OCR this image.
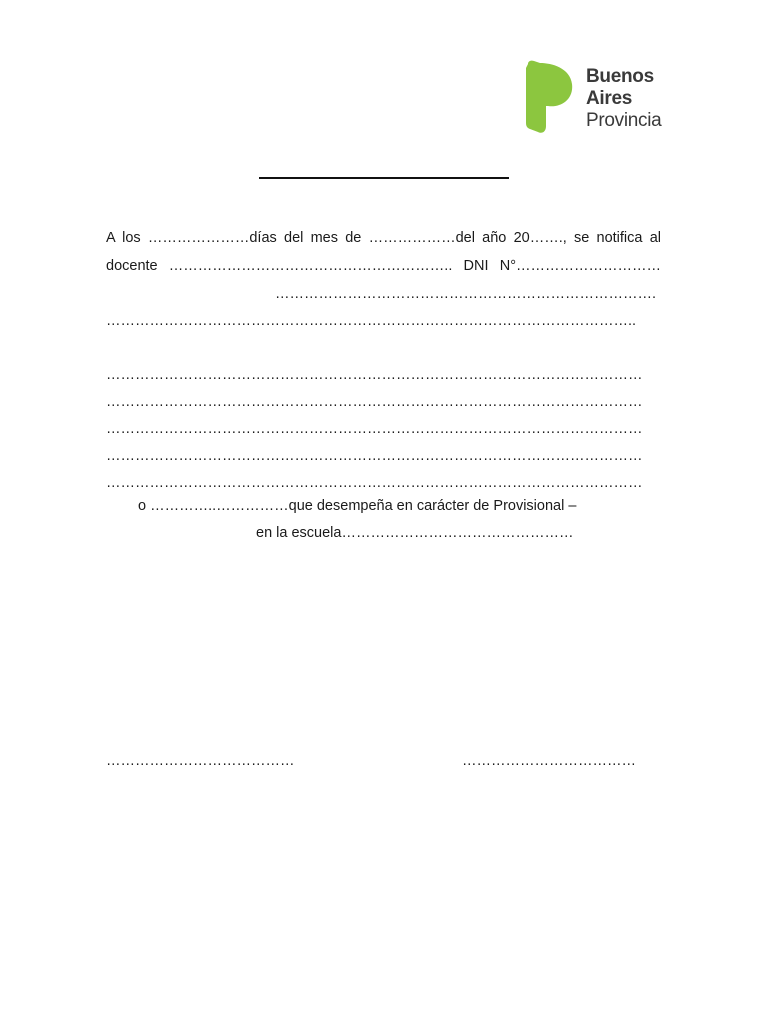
Buenos
Aires
Provincia
A los …………………días del mes de ………………del año 20……., se notifica al
docente ………………………………………………….. DNI N°…………………………
…………………………………………………………………….
………………………………………………………………………………………………..
…………………………………………………………………………………………………
…………………………………………………………………………………………………
…………………………………………………………………………………………………
…………………………………………………………………………………………………
…………………………………………………………………………………………………
o …………..……………que desempeña en carácter de Provisional –
en la escuela…………………………………………
…………………………………	………………………………
